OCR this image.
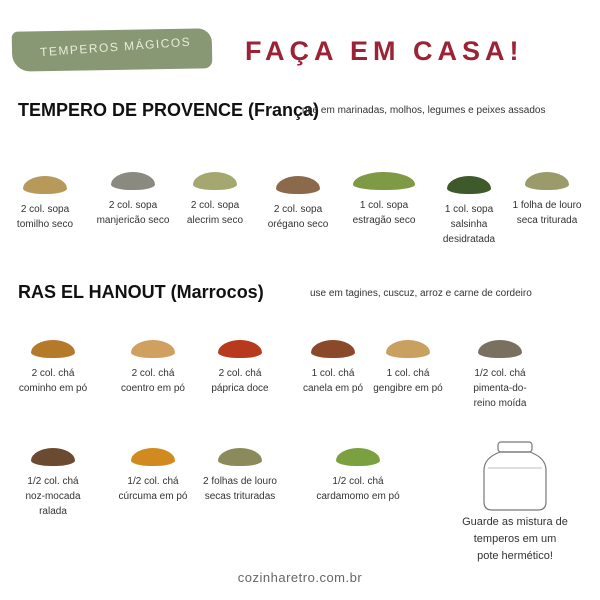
TEMPEROS MÁGICOS FAÇA EM CASA!
TEMPERO DE PROVENCE (França)
use em marinadas, molhos, legumes e peixes assados
RAS EL HANOUT (Marrocos)	use em tagines, cuscuz, arroz e carne de cordeiro
2 col. sopa
tomilho seco
2 col. sopa
manjericão seco
2 col. sopa
alecrim seco
2 col. sopa
orégano seco
1 col. sopa
estragão seco
1 col. sopa
salsinha
desidratada
1 folha de louro
seca triturada
2 col. chá
cominho em pó
2 col. chá
coentro em pó
2 col. chá
páprica doce
1 col. chá
canela em pó
1 col. chá
gengibre em pó
1/2 col. chá
pimenta-do-
reino moída
1/2 col. chá
noz-mocada
ralada
1/2 col. chá
cúrcuma em pó
2 folhas de louro
secas trituradas
1/2 col. chá
cardamomo em pó
Guarde as mistura de
temperos em um
pote hermético!
cozinharetro.com.br
